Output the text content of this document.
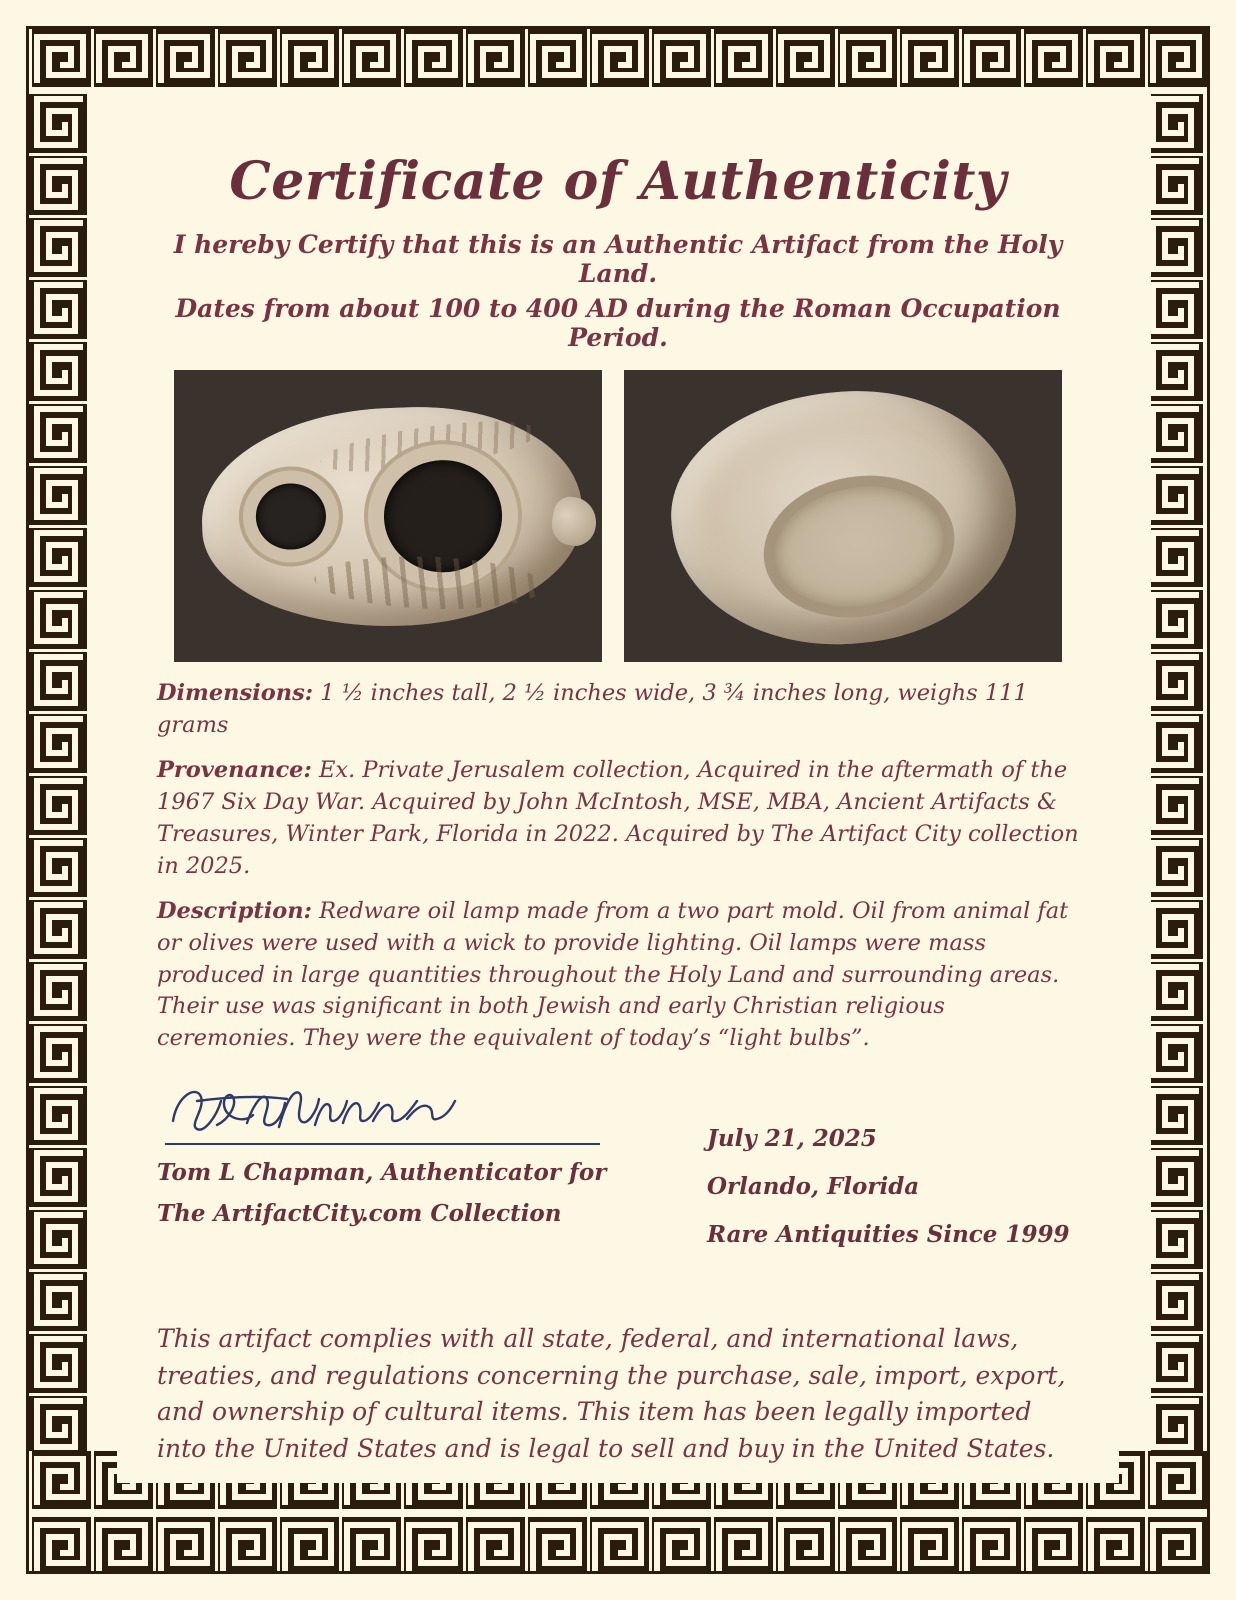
Certificate of Authenticity
I hereby Certify that this is an Authentic Artifact from the Holy Land.
Dates from about 100 to 400 AD during the Roman Occupation Period.

Dimensions: 1 ½ inches tall, 2 ½ inches wide, 3 ¾ inches long, weighs 111 grams

Provenance: Ex. Private Jerusalem collection, Acquired in the aftermath of the 1967 Six Day War. Acquired by John McIntosh, MSE, MBA, Ancient Artifacts & Treasures, Winter Park, Florida in 2022. Acquired by The Artifact City collection in 2025.

Description: Redware oil lamp made from a two part mold. Oil from animal fat or olives were used with a wick to provide lighting. Oil lamps were mass produced in large quantities throughout the Holy Land and surrounding areas. Their use was significant in both Jewish and early Christian religious ceremonies. They were the equivalent of today’s “light bulbs”.

Tom L Chapman, Authenticator for
The ArtifactCity.com Collection
July 21, 2025
Orlando, Florida
Rare Antiquities Since 1999

This artifact complies with all state, federal, and international laws, treaties, and regulations concerning the purchase, sale, import, export, and ownership of cultural items. This item has been legally imported into the United States and is legal to sell and buy in the United States.
